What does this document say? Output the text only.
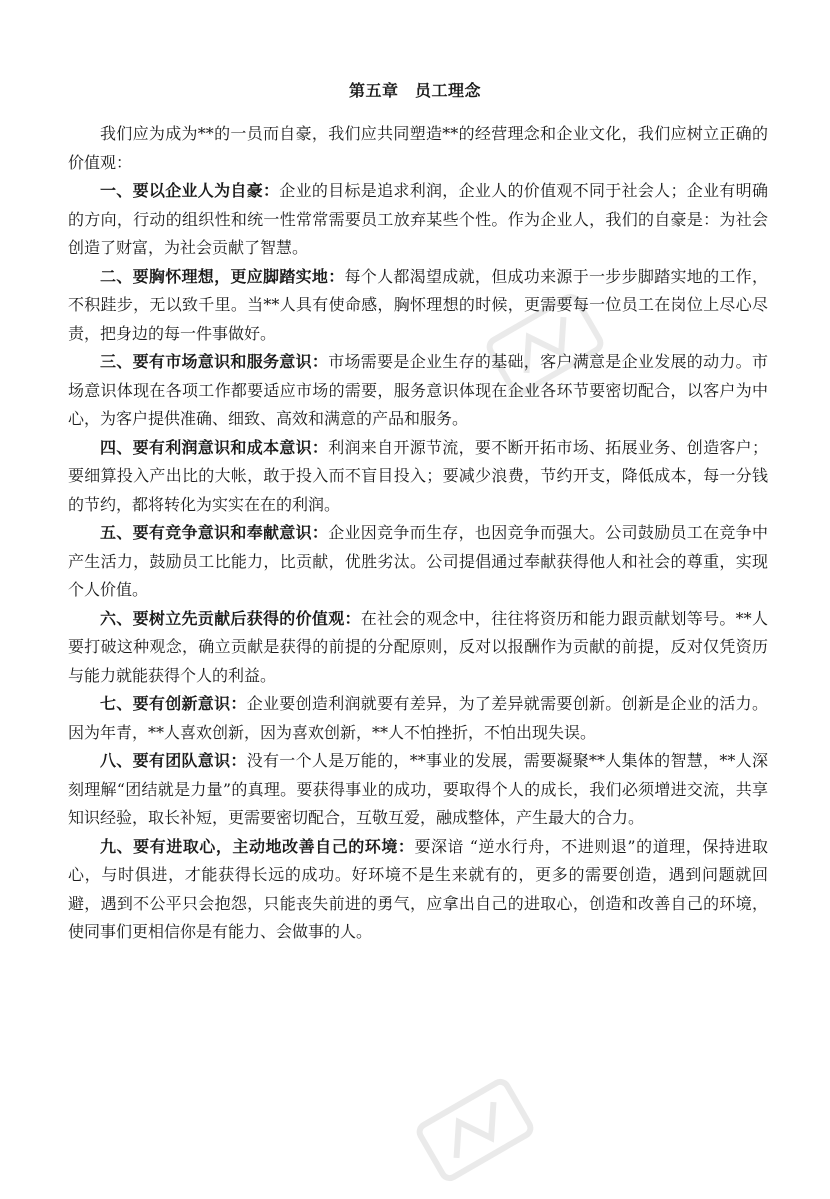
第五章　员工理念

我们应为成为**的一员而自豪，我们应共同塑造**的经营理念和企业文化，我们应树立正确的价值观：

一、要以企业人为自豪：企业的目标是追求利润，企业人的价值观不同于社会人；企业有明确的方向，行动的组织性和统一性常常需要员工放弃某些个性。作为企业人，我们的自豪是：为社会创造了财富，为社会贡献了智慧。

二、要胸怀理想，更应脚踏实地：每个人都渴望成就，但成功来源于一步步脚踏实地的工作，不积跬步，无以致千里。当**人具有使命感，胸怀理想的时候，更需要每一位员工在岗位上尽心尽责，把身边的每一件事做好。

三、要有市场意识和服务意识：市场需要是企业生存的基础，客户满意是企业发展的动力。市场意识体现在各项工作都要适应市场的需要，服务意识体现在企业各环节要密切配合，以客户为中心，为客户提供准确、细致、高效和满意的产品和服务。

四、要有利润意识和成本意识：利润来自开源节流，要不断开拓市场、拓展业务、创造客户；要细算投入产出比的大帐，敢于投入而不盲目投入；要减少浪费，节约开支，降低成本，每一分钱的节约，都将转化为实实在在的利润。

五、要有竞争意识和奉献意识：企业因竞争而生存，也因竞争而强大。公司鼓励员工在竞争中产生活力，鼓励员工比能力，比贡献，优胜劣汰。公司提倡通过奉献获得他人和社会的尊重，实现个人价值。

六、要树立先贡献后获得的价值观：在社会的观念中，往往将资历和能力跟贡献划等号。**人要打破这种观念，确立贡献是获得的前提的分配原则，反对以报酬作为贡献的前提，反对仅凭资历与能力就能获得个人的利益。

七、要有创新意识：企业要创造利润就要有差异，为了差异就需要创新。创新是企业的活力。因为年青，**人喜欢创新，因为喜欢创新，**人不怕挫折，不怕出现失误。

八、要有团队意识：没有一个人是万能的，**事业的发展，需要凝聚**人集体的智慧，**人深刻理解“团结就是力量”的真理。要获得事业的成功，要取得个人的成长，我们必须增进交流，共享知识经验，取长补短，更需要密切配合，互敬互爱，融成整体，产生最大的合力。

九、要有进取心，主动地改善自己的环境：要深谙 “逆水行舟，不进则退”的道理，保持进取心，与时俱进，才能获得长远的成功。好环境不是生来就有的，更多的需要创造，遇到问题就回避，遇到不公平只会抱怨，只能丧失前进的勇气，应拿出自己的进取心，创造和改善自己的环境，使同事们更相信你是有能力、会做事的人。
